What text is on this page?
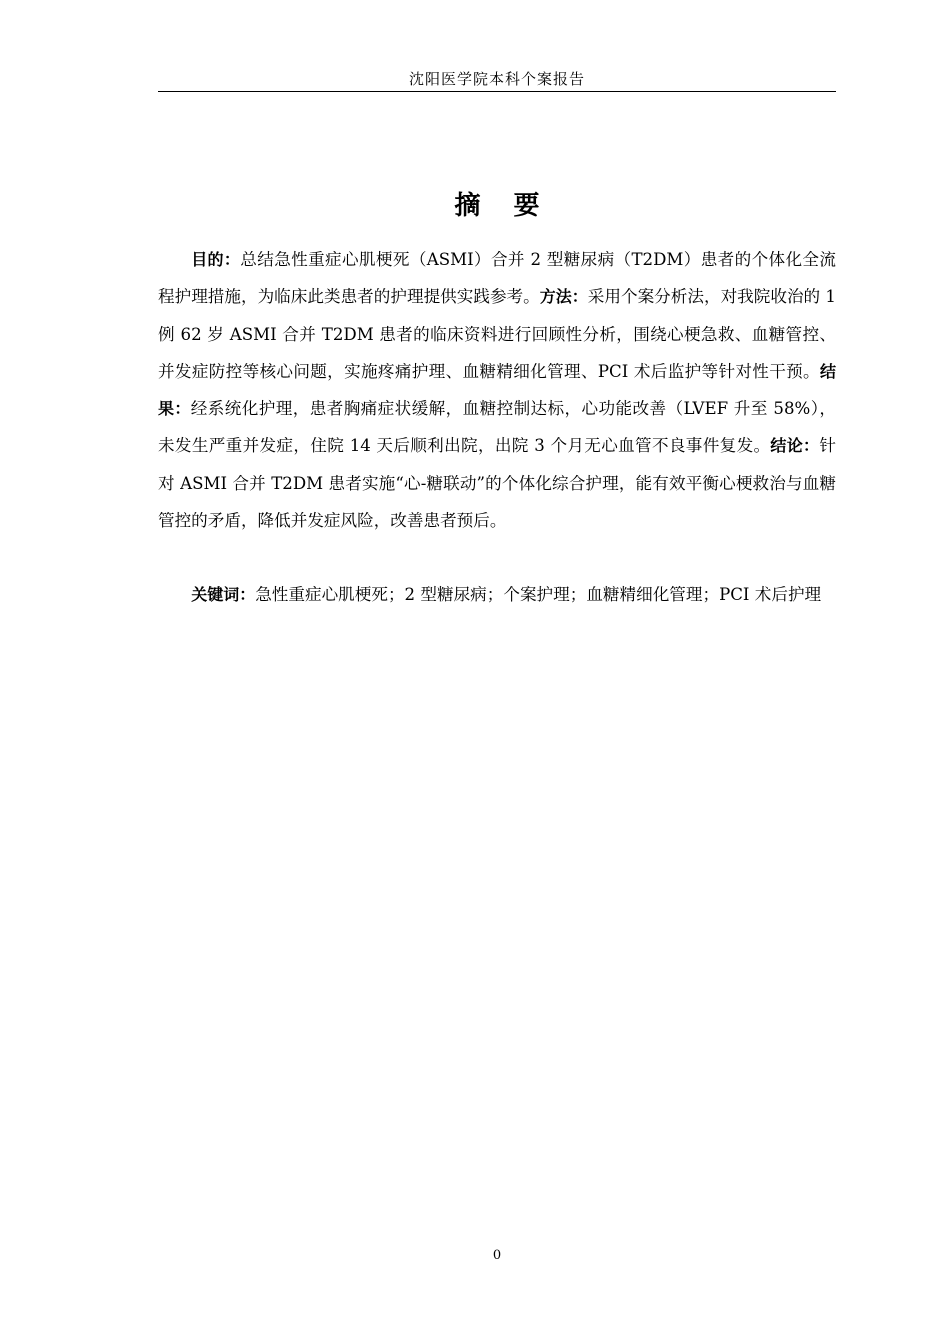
沈阳医学院本科个案报告
摘 要

目的：总结急性重症心肌梗死（ASMI）合并 2 型糖尿病（T2DM）患者的个体化全流程护理措施，为临床此类患者的护理提供实践参考。方法：采用个案分析法，对我院收治的 1 例 62 岁 ASMI 合并 T2DM 患者的临床资料进行回顾性分析，围绕心梗急救、血糖管控、并发症防控等核心问题，实施疼痛护理、血糖精细化管理、PCI 术后监护等针对性干预。结果：经系统化护理，患者胸痛症状缓解，血糖控制达标，心功能改善（LVEF 升至 58%），未发生严重并发症，住院 14 天后顺利出院，出院 3 个月无心血管不良事件复发。结论：针对 ASMI 合并 T2DM 患者实施“心-糖联动”的个体化综合护理，能有效平衡心梗救治与血糖管控的矛盾，降低并发症风险，改善患者预后。

关键词：急性重症心肌梗死；2 型糖尿病；个案护理；血糖精细化管理；PCI 术后护理

0
